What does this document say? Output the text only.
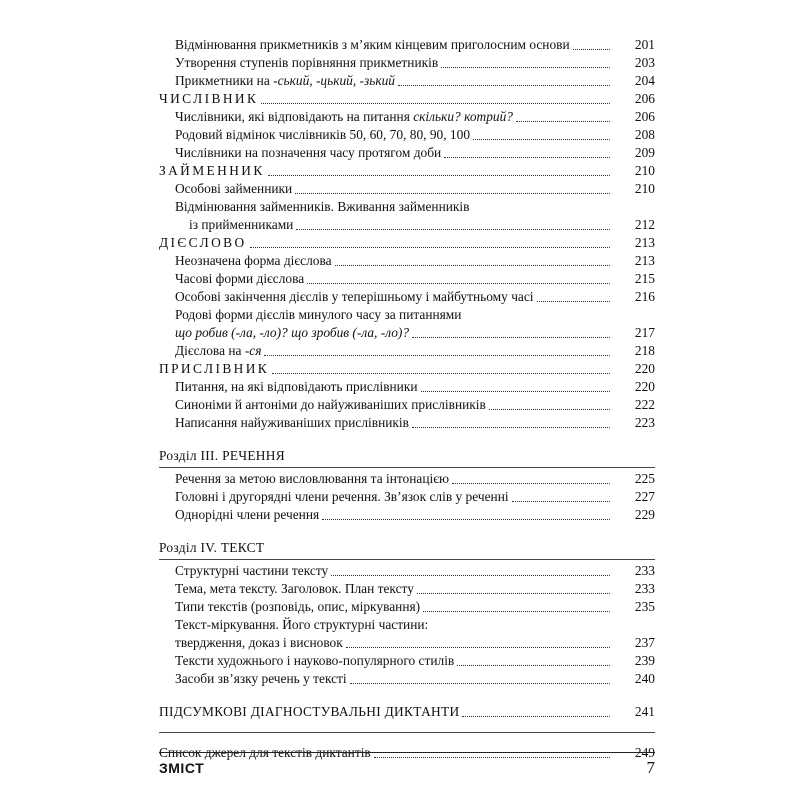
Відмінювання прикметників з м’яким кінцевим приголосним основи	201
Утворення ступенів порівняння прикметників	203
Прикметники на -ський, -цький, -зький	204
ЧИСЛІВНИК	206
Числівники, які відповідають на питання скільки? котрий?	206
Родовий відмінок числівників 50, 60, 70, 80, 90, 100	208
Числівники на позначення часу протягом доби	209
ЗАЙМЕННИК	210
Особові займенники	210
Відмінювання займенників. Вживання займенників
із прийменниками	212
ДІЄСЛОВО	213
Неозначена форма дієслова	213
Часові форми дієслова	215
Особові закінчення дієслів у теперішньому і майбутньому часі	216
Родові форми дієслів минулого часу за питаннями
що робив (-ла, -ло)? що зробив (-ла, -ло)?	217
Дієслова на -ся	218
ПРИСЛІВНИК	220
Питання, на які відповідають прислівники	220
Синоніми й антоніми до найуживаніших прислівників	222
Написання найуживаніших прислівників	223
Розділ III. РЕЧЕННЯ
Речення за метою висловлювання та інтонацією	225
Головні і другорядні члени речення. Зв’язок слів у реченні	227
Однорідні члени речення	229
Розділ IV. ТЕКСТ
Структурні частини тексту	233
Тема, мета тексту. Заголовок. План тексту	233
Типи текстів (розповідь, опис, міркування)	235
Текст-міркування. Його структурні частини:
твердження, доказ і висновок	237
Тексти художнього і науково-популярного стилів	239
Засоби зв’язку речень у тексті	240
ПІДСУМКОВІ ДІАГНОСТУВАЛЬНІ ДИКТАНТИ	241
Список джерел для текстів диктантів	249
ЗМІСТ	7
